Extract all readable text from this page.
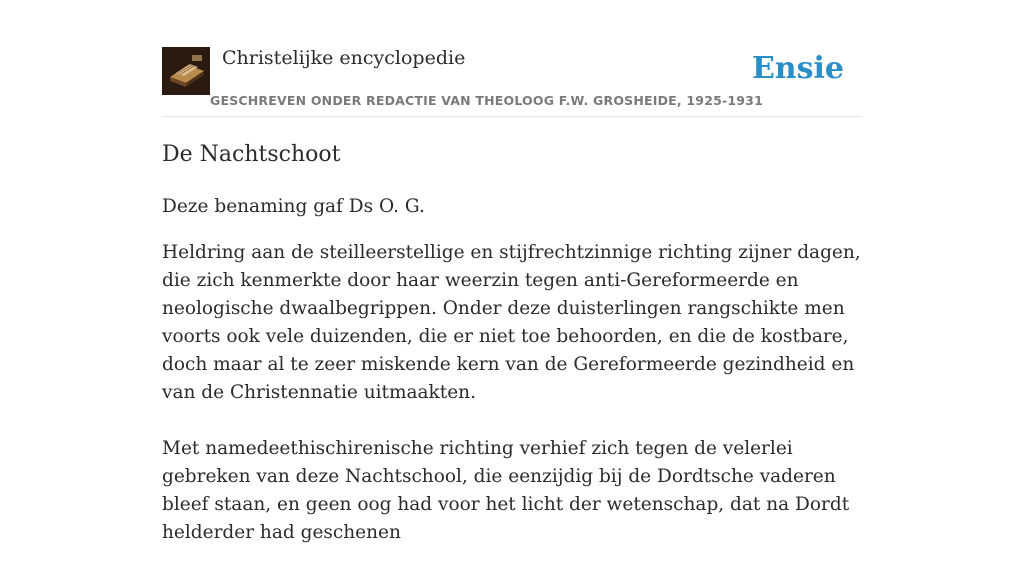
Christelijke encyclopedie
GESCHREVEN ONDER REDACTIE VAN THEOLOOG F.W. GROSHEIDE, 1925-1931
Ensie
De Nachtschoot

Deze benaming gaf Ds O. G.

Heldring aan de steilleerstellige en stijfrechtzinnige richting zijner dagen, die zich kenmerkte door haar weerzin tegen anti-Gereformeerde en neologische dwaalbegrippen. Onder deze duisterlingen rangschikte men voorts ook vele duizenden, die er niet toe behoorden, en die de kostbare, doch maar al te zeer miskende kern van de Gereformeerde gezindheid en van de Christennatie uitmaakten.

Met namedeethischirenische richting verhief zich tegen de velerlei gebreken van deze Nachtschool, die eenzijdig bij de Dordtsche vaderen bleef staan, en geen oog had voor het licht der wetenschap, dat na Dordt helderder had geschenen
